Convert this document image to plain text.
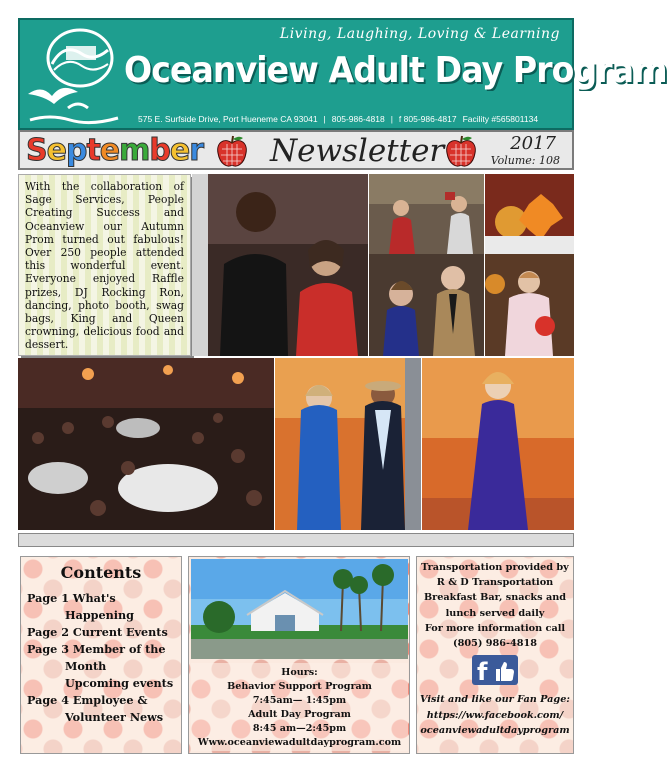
Living, Laughing, Loving & Learning
Oceanview Adult Day Program
575 E. Surfside Drive, Port Hueneme CA 93041 | 805-986-4818 | f 805-986-4817 Facility #565801134
September Newsletter	2017
Volume: 108
With the collaboration of Sage Services, People Creating Success and Oceanview our Autumn Prom turned out fabulous! Over 250 people attended this wonderful event. Everyone enjoyed Raffle prizes, DJ Rocking Ron, dancing, photo booth, swag bags, King and Queen crowning, delicious food and dessert.
Contents
Page 1 What's
Happening
Page 2 Current Events
Page 3 Member of the
Month
Upcoming events
Page 4 Employee &
Volunteer News
Hours:
Behavior Support Program
7:45am— 1:45pm
Adult Day Program
8:45 am—2:45pm
Www.oceanviewadultdayprogram.com
Transportation provided by
R & D Transportation
Breakfast Bar, snacks and
lunch served daily
For more information call
(805) 986-4818
f
Visit and like our Fan Page:
https://ww.facebook.com/
oceanviewadultdayprogram
